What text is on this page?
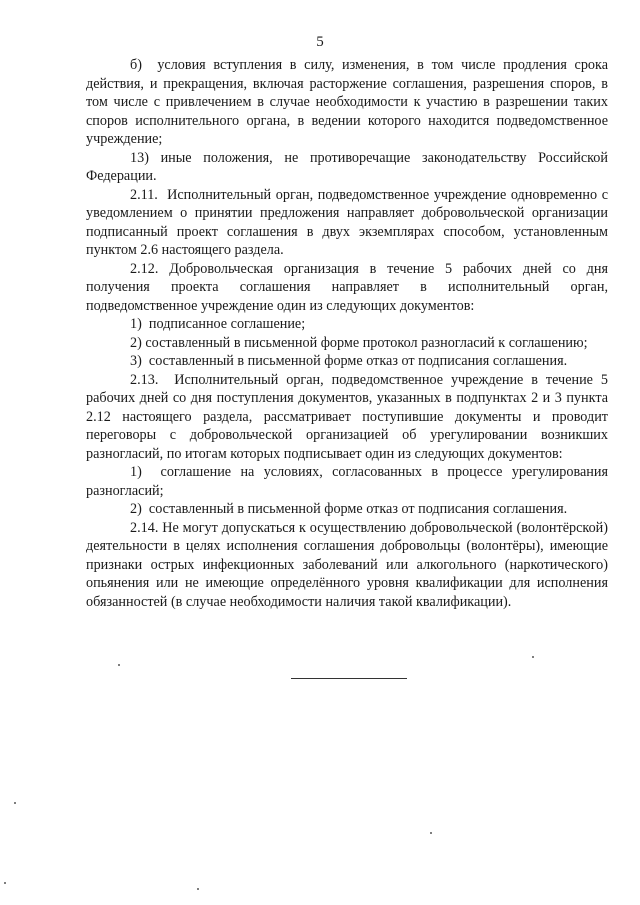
5

б)  условия вступления в силу, изменения, в том числе продления срока действия, и прекращения, включая расторжение соглашения, разрешения споров, в том числе с привлечением в случае необходимости к участию в разрешении таких споров исполнительного органа, в ведении которого находится подведомственное учреждение;

13) иные положения, не противоречащие законодательству Российской Федерации.

2.11.  Исполнительный орган, подведомственное учреждение одновременно с уведомлением о принятии предложения направляет добровольческой организации подписанный проект соглашения в двух экземплярах способом, установленным пунктом 2.6 настоящего раздела.

2.12. Добровольческая организация в течение 5 рабочих дней со дня получения проекта соглашения направляет в исполнительный орган, подведомственное учреждение один из следующих документов:

1)  подписанное соглашение;

2) составленный в письменной форме протокол разногласий к соглашению;

3)  составленный в письменной форме отказ от подписания соглашения.

2.13.  Исполнительный орган, подведомственное учреждение в течение 5 рабочих дней со дня поступления документов, указанных в подпунктах 2 и 3 пункта 2.12 настоящего раздела, рассматривает поступившие документы и проводит переговоры с добровольческой организацией об урегулировании возникших разногласий, по итогам которых подписывает один из следующих документов:

1)  соглашение на условиях, согласованных в процессе урегулирования разногласий;

2)  составленный в письменной форме отказ от подписания соглашения.

2.14. Не могут допускаться к осуществлению добровольческой (волонтёрской) деятельности в целях исполнения соглашения добровольцы (волонтёры), имеющие признаки острых инфекционных заболеваний или алкогольного (наркотического) опьянения или не имеющие определённого уровня квалификации для исполнения обязанностей (в случае необходимости наличия такой квалификации).
